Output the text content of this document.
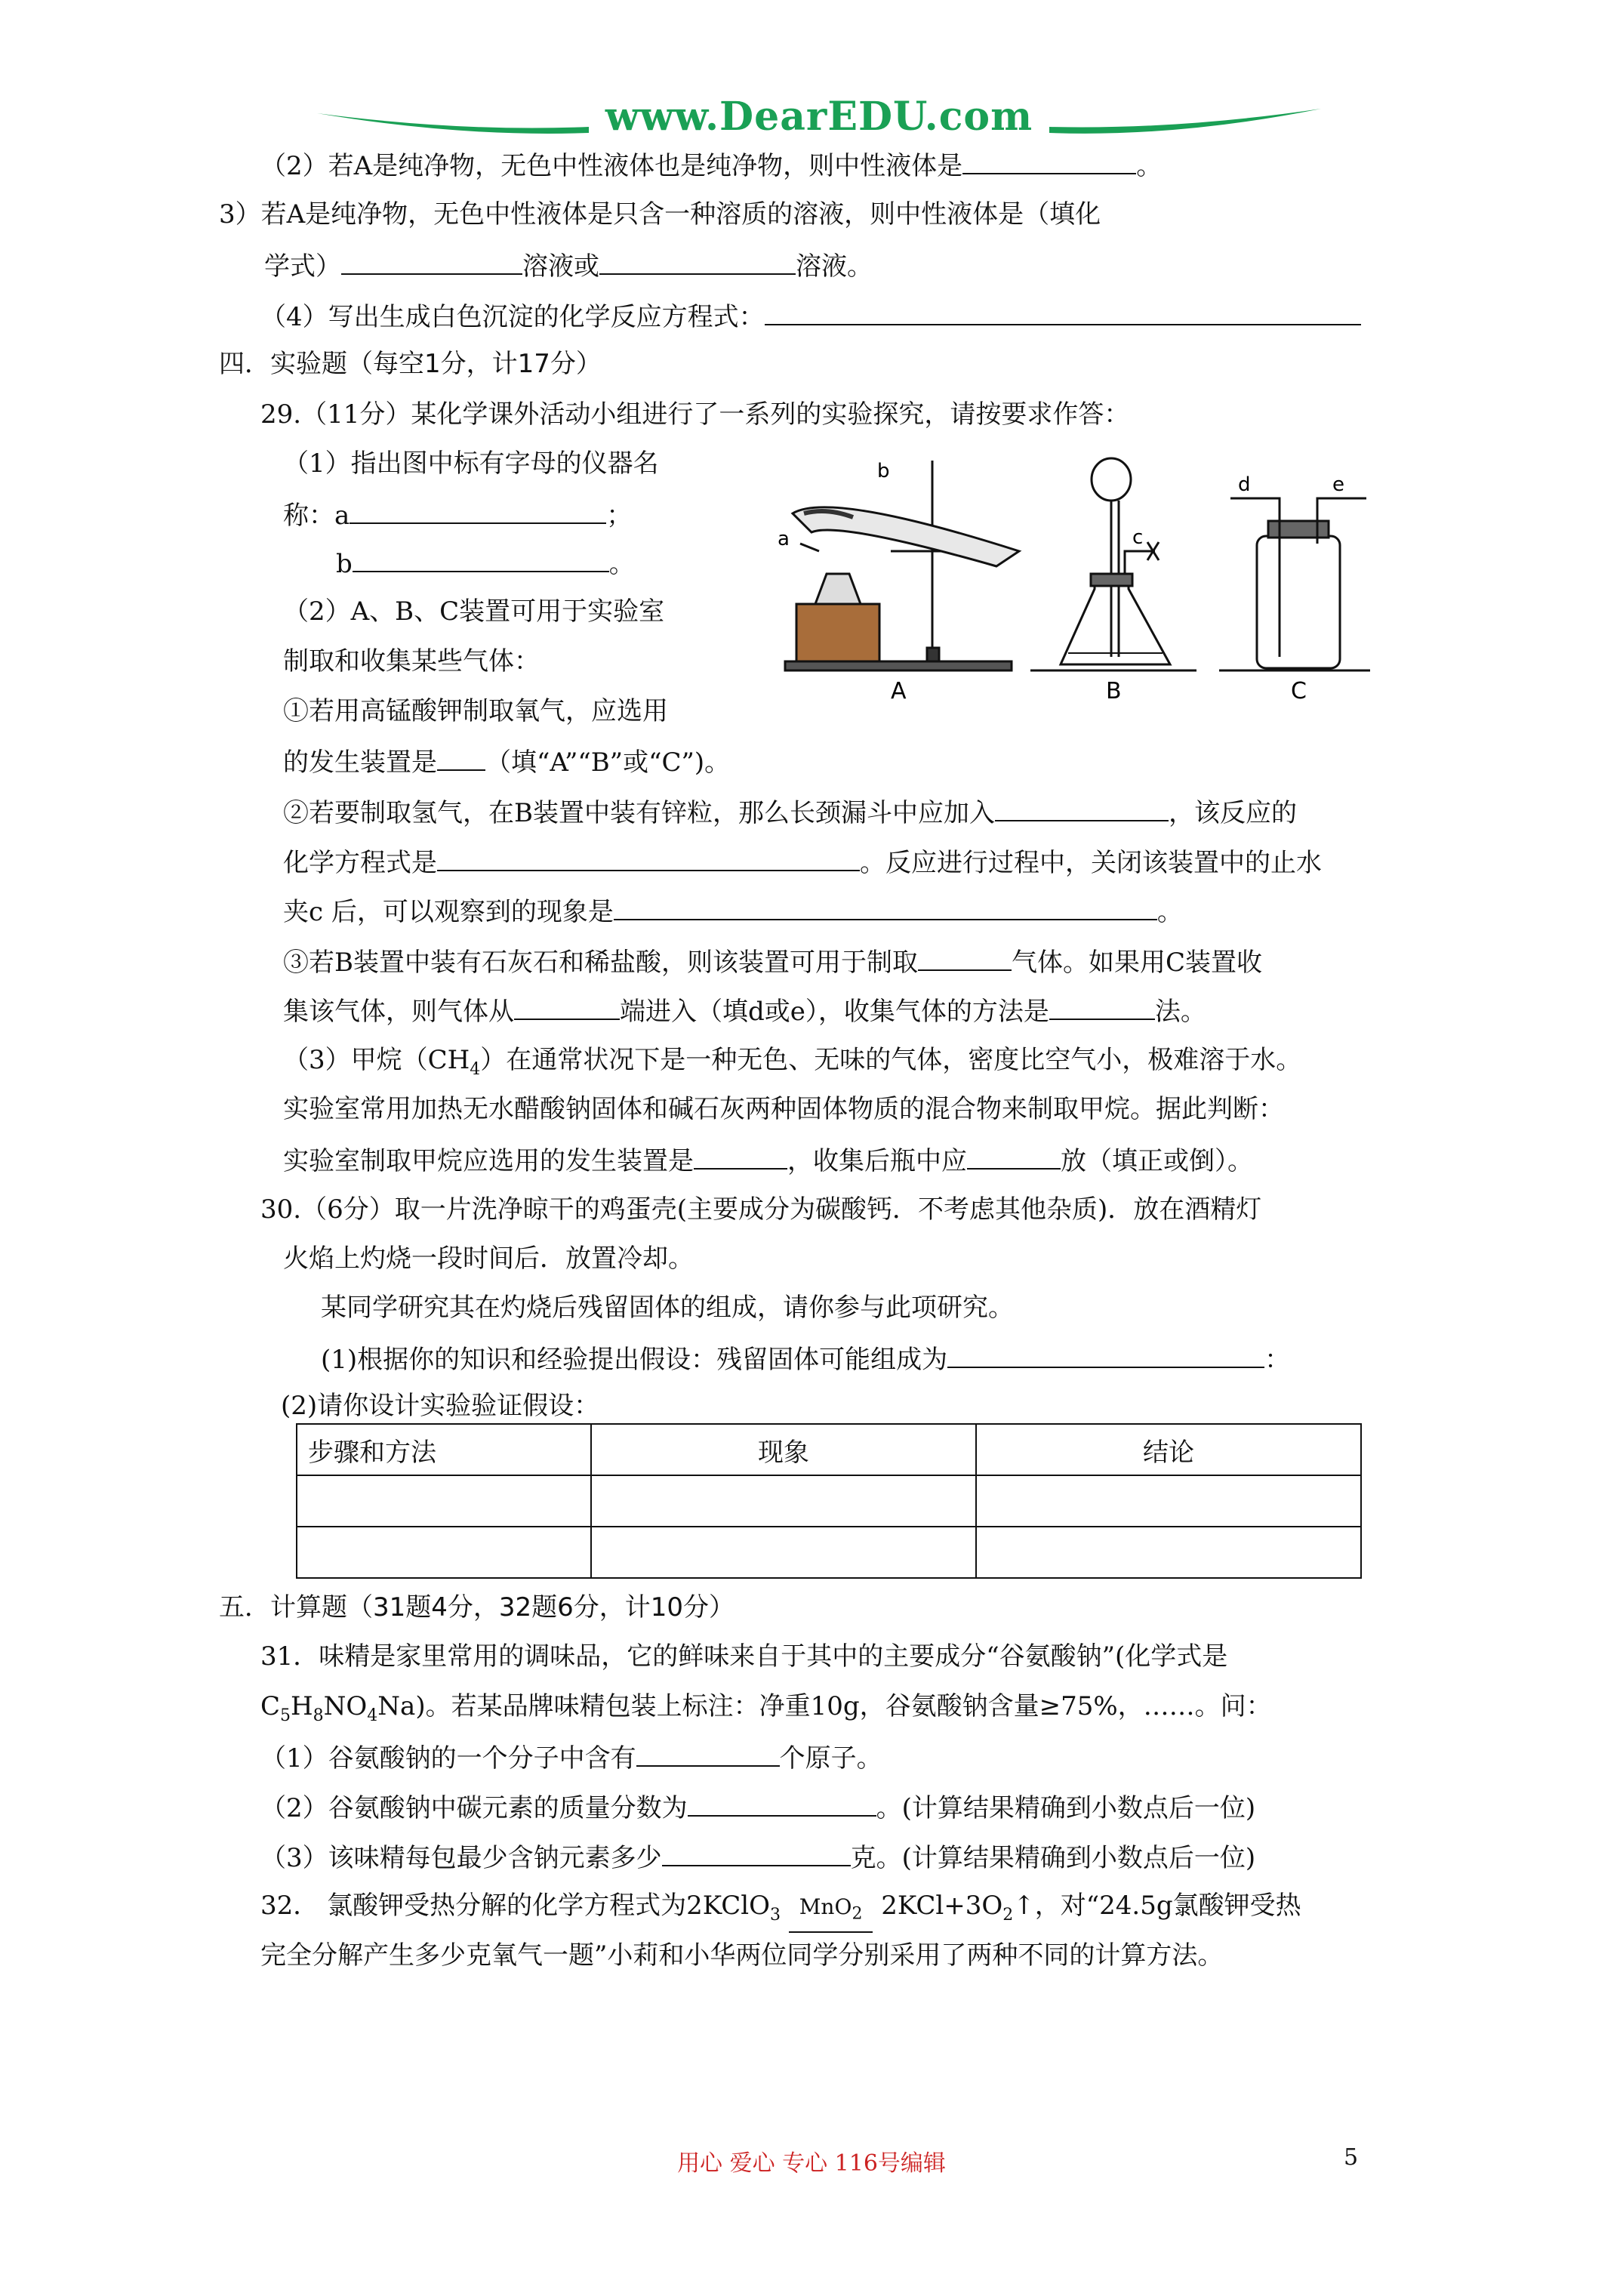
www.DearEDU.com
（2）若A是纯净物，无色中性液体也是纯净物，则中性液体是	。
3）若A是纯净物，无色中性液体是只含一种溶质的溶液，则中性液体是（填化
学式）	溶液或	溶液。
（4）写出生成白色沉淀的化学反应方程式：
四．实验题（每空1分，计17分）
29.（11分）某化学课外活动小组进行了一系列的实验探究，请按要求作答：
（1）指出图中标有字母的仪器名
称：a	；
b	。
（2）A、B、C装置可用于实验室
制取和收集某些气体：
①若用高锰酸钾制取氧气，应选用
的发生装置是 （填“A”“B”或“C”)。
a
b
A
c
B
d	e
C
②若要制取氢气，在B装置中装有锌粒，那么长颈漏斗中应加入	，该反应的
化学方程式是	。反应进行过程中，关闭该装置中的止水
夹c 后，可以观察到的现象是	。
③若B装置中装有石灰石和稀盐酸，则该装置可用于制取	气体。如果用C装置收
集该气体，则气体从	端进入（填d或e），收集气体的方法是	法。
（3）甲烷$(CH_4)$在通常状况下是一种无色、无味的气体，密度比空气小，极难溶于水。
实验室常用加热无水醋酸钠固体和碱石灰两种固体物质的混合物来制取甲烷。据此判断：
实验室制取甲烷应选用的发生装置是	，收集后瓶中应	放（填正或倒）。
30.（6分）取一片洗净晾干的鸡蛋壳(主要成分为碳酸钙．不考虑其他杂质)．放在酒精灯
火焰上灼烧一段时间后．放置冷却。
某同学研究其在灼烧后残留固体的组成，请你参与此项研究。
(1)根据你的知识和经验提出假设：残留固体可能组成为	：
(2)请你设计实验验证假设：
步骤和方法	现象	结论

五．计算题（31题4分，32题6分，计10分）
31．味精是家里常用的调味品，它的鲜味来自于其中的主要成分“谷氨酸钠”(化学式是
$C_5H_8NO_4Na$)。若某品牌味精包装上标注：净重10g，谷氨酸钠含量≥75%，……。问：
（1）谷氨酸钠的一个分子中含有	个原子。
（2）谷氨酸钠中碳元素的质量分数为	。(计算结果精确到小数点后一位)
（3）该味精每包最少含钠元素多少	克。(计算结果精确到小数点后一位)
32． 氯酸钾受热分解的化学方程式为2KClO$_3$ MnO$_2$ $2KCl+3O_2↑$，对“24.5g氯酸钾受热
完全分解产生多少克氧气一题”小莉和小华两位同学分别采用了两种不同的计算方法。
用心 爱心 专心 116号编辑	5
